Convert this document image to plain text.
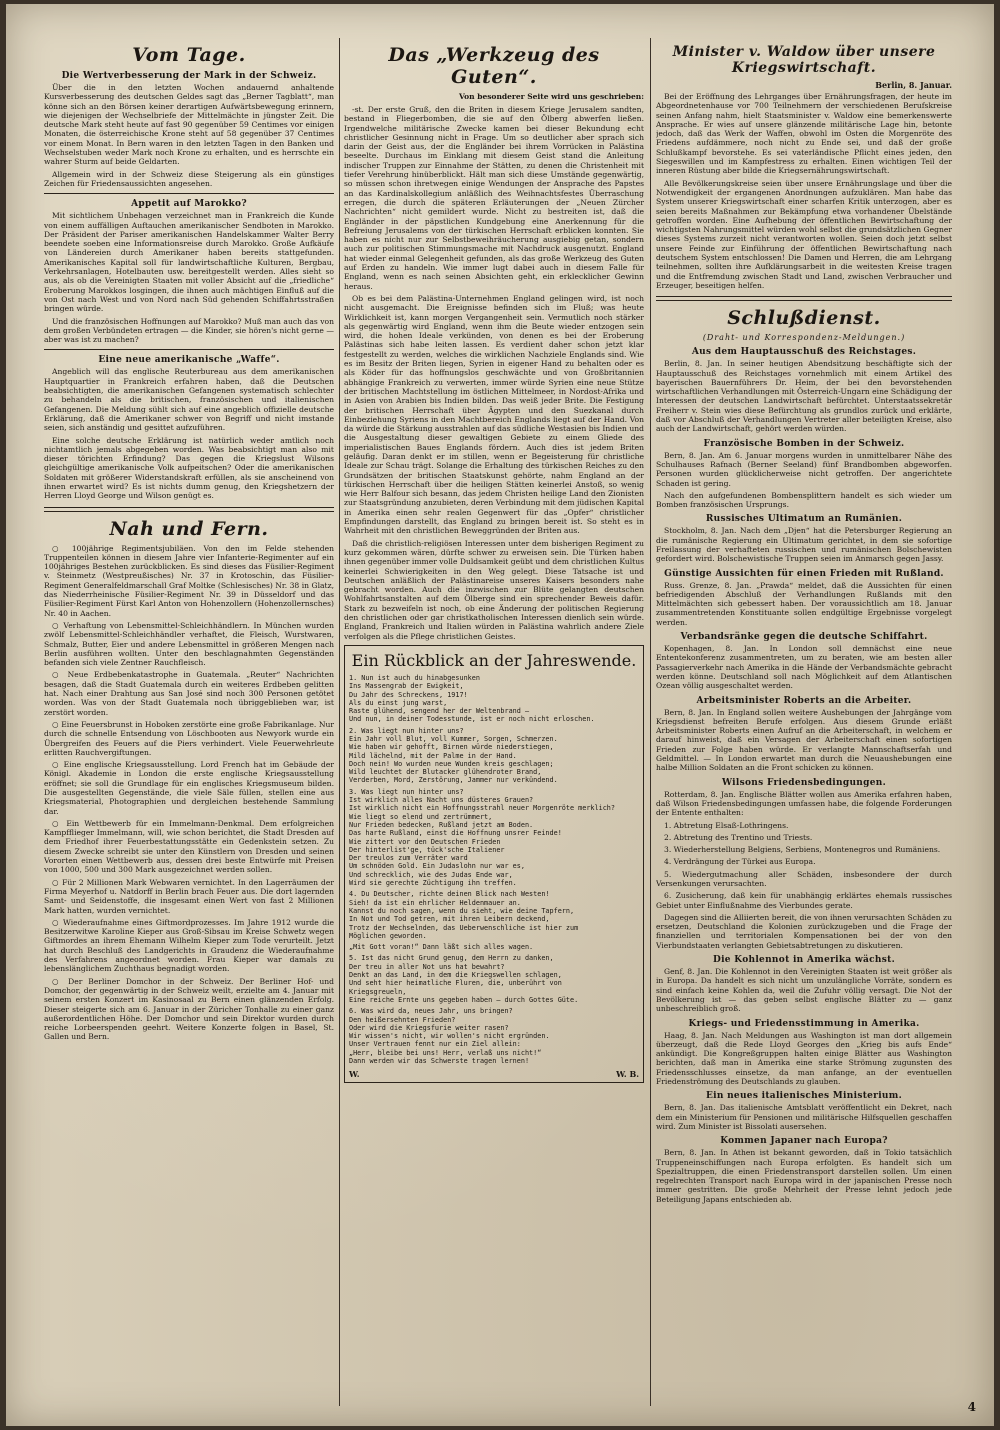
Vom Tage.
Die Wertverbesserung der Mark in der Schweiz.

Über die in den letzten Wochen andauernd anhaltende Kursverbesserung des deutschen Geldes sagt das „Berner Tagblatt“, man könne sich an den Börsen keiner derartigen Aufwärtsbewegung erinnern, wie diejenigen der Wechselbriefe der Mittelmächte in jüngster Zeit. Die deutsche Mark steht heute auf fast 90 gegenüber 59 Centimes vor einigen Monaten, die österreichische Krone steht auf 58 gegenüber 37 Centimes vor einem Monat. In Bern waren in den letzten Tagen in den Banken und Wechselstuben weder Mark noch Krone zu erhalten, und es herrschte ein wahrer Sturm auf beide Geldarten.

Allgemein wird in der Schweiz diese Steigerung als ein günstiges Zeichen für Friedensaussichten angesehen.

Appetit auf Marokko?

Mit sichtlichem Unbehagen verzeichnet man in Frankreich die Kunde von einem auffälligen Auftauchen amerikanischer Sendboten in Marokko. Der Präsident der Pariser amerikanischen Handelskammer Walter Berry beendete soeben eine Informationsreise durch Marokko. Große Aufkäufe von Ländereien durch Amerikaner haben bereits stattgefunden. Amerikanisches Kapital soll für landwirtschaftliche Kulturen, Bergbau, Verkehrsanlagen, Hotelbauten usw. bereitgestellt werden. Alles sieht so aus, als ob die Vereinigten Staaten mit voller Absicht auf die „friedliche“ Eroberung Marokkos losgingen, die ihnen auch mächtigen Einfluß auf die von Ost nach West und von Nord nach Süd gehenden Schiffahrtsstraßen bringen würde.

Und die französischen Hoffnungen auf Marokko? Muß man auch das von dem großen Verbündeten ertragen — die Kinder, sie hören's nicht gerne — aber was ist zu machen?

Eine neue amerikanische „Waffe“.

Angeblich will das englische Reuterbureau aus dem amerikanischen Hauptquartier in Frankreich erfahren haben, daß die Deutschen beabsichtigten, die amerikanischen Gefangenen systematisch schlechter zu behandeln als die britischen, französischen und italienischen Gefangenen. Die Meldung sühlt sich auf eine angeblich offizielle deutsche Erklärung, daß die Amerikaner schwer von Begriff und nicht imstande seien, sich anständig und gesittet aufzuführen.

Eine solche deutsche Erklärung ist natürlich weder amtlich noch nichtamtlich jemals abgegeben worden. Was beabsichtigt man also mit dieser törichten Erfindung? Das gegen die Kriegslust Wilsons gleichgültige amerikanische Volk aufpeitschen? Oder die amerikanischen Soldaten mit größerer Widerstandskraft erfüllen, als sie anscheinend von ihnen erwartet wird? Es ist nichts dumm genug, den Kriegshetzern der Herren Lloyd George und Wilson genügt es.

Nah und Fern.

○ 100jährige Regimentsjubiläen. Von den im Felde stehenden Truppenteilen können in diesem Jahre vier Infanterie-Regimenter auf ein 100jähriges Bestehen zurückblicken. Es sind dieses das Füsilier-Regiment v. Steinmetz (Westpreußisches) Nr. 37 in Krotoschin, das Füsilier-Regiment Generalfeldmarschall Graf Moltke (Schlesisches) Nr. 38 in Glatz, das Niederrheinische Füsilier-Regiment Nr. 39 in Düsseldorf und das Füsilier-Regiment Fürst Karl Anton von Hohenzollern (Hohenzollernsches) Nr. 40 in Aachen.

○ Verhaftung von Lebensmittel-Schleichhändlern. In München wurden zwölf Lebensmittel-Schleichhändler verhaftet, die Fleisch, Wurstwaren, Schmalz, Butter, Eier und andere Lebensmittel in größeren Mengen nach Berlin ausführen wollten. Unter den beschlagnahmten Gegenständen befanden sich viele Zentner Rauchfleisch.

○ Neue Erdbebenkatastrophe in Guatemala. „Reuter“ Nachrichten besagen, daß die Stadt Guatemala durch ein weiteres Erdbeben gelitten hat. Nach einer Drahtung aus San José sind noch 300 Personen getötet worden. Was von der Stadt Guatemala noch übriggeblieben war, ist zerstört worden.

○ Eine Feuersbrunst in Hoboken zerstörte eine große Fabrikanlage. Nur durch die schnelle Entsendung von Löschbooten aus Newyork wurde ein Übergreifen des Feuers auf die Piers verhindert. Viele Feuerwehrleute erlitten Rauchvergiftungen.

○ Eine englische Kriegsausstellung. Lord French hat im Gebäude der Königl. Akademie in London die erste englische Kriegsausstellung eröffnet; sie soll die Grundlage für ein englisches Kriegsmuseum bilden. Die ausgestellten Gegenstände, die viele Säle füllen, stellen eine aus Kriegsmaterial, Photographien und dergleichen bestehende Sammlung dar.

○ Ein Wettbewerb für ein Immelmann-Denkmal. Dem erfolgreichen Kampfflieger Immelmann, will, wie schon berichtet, die Stadt Dresden auf dem Friedhof ihrer Feuerbestattungsstätte ein Gedenkstein setzen. Zu diesem Zwecke schreibt sie unter den Künstlern von Dresden und seinen Vororten einen Wettbewerb aus, dessen drei beste Entwürfe mit Preisen von 1000, 500 und 300 Mark ausgezeichnet werden sollen.

○ Für 2 Millionen Mark Webwaren vernichtet. In den Lagerräumen der Firma Meyerhof u. Natdorff in Berlin brach Feuer aus. Die dort lagernden Samt- und Seidenstoffe, die insgesamt einen Wert von fast 2 Millionen Mark hatten, wurden vernichtet.

○ Wiederaufnahme eines Giftmordprozesses. Im Jahre 1912 wurde die Besitzerwitwe Karoline Kieper aus Groß-Sibsau im Kreise Schwetz wegen Giftmordes an ihrem Ehemann Wilhelm Kieper zum Tode verurteilt. Jetzt hat durch Beschluß des Landgerichts in Graudenz die Wiederaufnahme des Verfahrens angeordnet worden. Frau Kieper war damals zu lebenslänglichem Zuchthaus begnadigt worden.

○ Der Berliner Domchor in der Schweiz. Der Berliner Hof- und Domchor, der gegenwärtig in der Schweiz weilt, erzielte am 4. Januar mit seinem ersten Konzert im Kasinosaal zu Bern einen glänzenden Erfolg. Dieser steigerte sich am 6. Januar in der Züricher Tonhalle zu einer ganz außerordentlichen Höhe. Der Domchor und sein Direktor wurden durch reiche Lorbeerspenden geehrt. Weitere Konzerte folgen in Basel, St. Gallen und Bern.

Das „Werkzeug des Guten“.
Von besonderer Seite wird uns geschrieben:

-st. Der erste Gruß, den die Briten in diesem Kriege Jerusalem sandten, bestand in Fliegerbomben, die sie auf den Ölberg abwerfen ließen. Irgendwelche militärische Zwecke kamen bei dieser Bekundung echt christlicher Gesinnung nicht in Frage. Um so deutlicher aber sprach sich darin der Geist aus, der die Engländer bei ihrem Vorrücken in Palästina beseelte. Durchaus im Einklang mit diesem Geist stand die Anleitung indischer Truppen zur Einnahme der Stätten, zu denen die Christenheit mit tiefer Verehrung hinüberblickt. Hält man sich diese Umstände gegenwärtig, so müssen schon ihretwegen einige Wendungen der Ansprache des Papstes an das Kardinalskollegium anläßlich des Weihnachtsfestes Überraschung erregen, die durch die späteren Erläuterungen der „Neuen Zürcher Nachrichten“ nicht gemildert wurde. Nicht zu bestreiten ist, daß die Engländer in der päpstlichen Kundgebung eine Anerkennung für die Befreiung Jerusalems von der türkischen Herrschaft erblicken konnten. Sie haben es nicht nur zur Selbstbeweihräucherung ausgiebig getan, sondern auch zur politischen Stimmungsmache mit Nachdruck ausgenutzt. England hat wieder einmal Gelegenheit gefunden, als das große Werkzeug des Guten auf Erden zu handeln. Wie immer lugt dabei auch in diesem Falle für England, wenn es nach seinen Absichten geht, ein erklecklicher Gewinn heraus.

Ob es bei dem Palästina-Unternehmen England gelingen wird, ist noch nicht ausgemacht. Die Ereignisse befinden sich im Fluß; was heute Wirklichkeit ist, kann morgen Vergangenheit sein. Vermutlich noch stärker als gegenwärtig wird England, wenn ihm die Beute wieder entzogen sein wird, die hohen Ideale verkünden, von denen es bei der Eroberung Palästinas sich habe leiten lassen. Es verdient daher schon jetzt klar festgestellt zu werden, welches die wirklichen Nachziele Englands sind. Wie es im Besitz der Briten liegen, Syrien in eigener Hand zu behalten oder es als Köder für das hoffnungslos geschwächte und von Großbritannien abhängige Frankreich zu verwerten, immer würde Syrien eine neue Stütze der britischen Machtstellung im östlichen Mittelmeer, in Nordost-Afrika und in Asien von Arabien bis Indien bilden. Das weiß jeder Brite. Die Festigung der britischen Herrschaft über Ägypten und den Suezkanal durch Einbeziehung Syriens in den Machtbereich Englands liegt auf der Hand. Von da würde die Stärkung ausstrahlen auf das südliche Westasien bis Indien und die Ausgestaltung dieser gewaltigen Gebiete zu einem Gliede des imperialistischen Baues Englands fördern. Auch dies ist jedem Briten geläufig. Daran denkt er im stillen, wenn er Begeisterung für christliche Ideale zur Schau trägt. Solange die Erhaltung des türkischen Reiches zu den Grundsätzen der britischen Staatskunst gehörte, nahm England an der türkischen Herrschaft über die heiligen Stätten keinerlei Anstoß, so wenig wie Herr Balfour sich besann, das jedem Christen heilige Land den Zionisten zur Staatsgründung anzubieten, deren Verbindung mit dem jüdischen Kapital in Amerika einen sehr realen Gegenwert für das „Opfer“ christlicher Empfindungen darstellt, das England zu bringen bereit ist. So steht es in Wahrheit mit den christlichen Beweggründen der Briten aus.

Daß die christlich-religiösen Interessen unter dem bisherigen Regiment zu kurz gekommen wären, dürfte schwer zu erweisen sein. Die Türken haben ihnen gegenüber immer volle Duldsamkeit geübt und dem christlichen Kultus keinerlei Schwierigkeiten in den Weg gelegt. Diese Tatsache ist und Deutschen anläßlich der Palästinareise unseres Kaisers besonders nahe gebracht worden. Auch die inzwischen zur Blüte gelangten deutschen Wohlfahrtsanstalten auf dem Ölberge sind ein sprechender Beweis dafür. Stark zu bezweifeln ist noch, ob eine Änderung der politischen Regierung den christlichen oder gar christkatholischen Interessen dienlich sein würde. England, Frankreich und Italien würden in Palästina wahrlich andere Ziele verfolgen als die Pflege christlichen Geistes.

Ein Rückblick an der Jahreswende.

1. Nun ist auch du hinabgesunken
Ins Massengrab der Ewigkeit,
Du Jahr des Schreckens, 1917!
Als du einst jung warst,
Raste glühend, sengend her der Weltenbrand —
Und nun, in deiner Todesstunde, ist er noch nicht erloschen.

2. Was liegt nun hinter uns?
Ein Jahr voll Blut, voll Kummer, Sorgen, Schmerzen.
Wie haben wir gehofft, Birnen würde niederstiegen,
Mild lächelnd, mit der Palme in der Hand.
Doch nein! Wo wurden neue Wunden kreis geschlagen;
Wild leuchtet der Blutacker glühendroter Brand,
Verderben, Mord, Zerstörung, Jammer nur verkündend.

3. Was liegt nun hinter uns?
Ist wirklich alles Nacht uns düsteres Grauen?
Ist wirklich nicht ein Hoffnungsstrahl neuer Morgenröte merklich?
Wie liegt so elend und zertrümmert,
Nur Frieden bedecken, Rußland jetzt am Boden.
Das harte Rußland, einst die Hoffnung unsrer Feinde!
Wie zittert vor den Deutschen Frieden
Der hinterlist'ge, tück'sche Italiener
Der treulos zum Verräter ward
Um schnöden Gold. Ein Judaslohn nur war es,
Und schrecklich, wie des Judas Ende war,
Wird sie gerechte Züchtigung ihn treffen.

4. Du Deutscher, richte deinen Blick nach Westen!
Sieh! da ist ein ehrlicher Heldenmauer an.
Kannst du noch sagen, wenn du sieht, wie deine Tapfern,
In Not und Tod getren, mit ihren Leibern deckend,
Trotz der Wechselnden, das Ueberwenschliche ist hier zum
Möglichen geworden.

„Mit Gott voran!“ Dann läßt sich alles wagen.

5. Ist das nicht Grund genug, dem Herrn zu danken,
Der treu in aller Not uns hat bewahrt?
Denkt an das Land, in dem die Kriegswellen schlagen,
Und seht hier heimatliche Fluren, die, unberührt von
Kriegsgreueln,
Eine reiche Ernte uns gegeben haben — durch Gottes Güte.

6. Was wird da, neues Jahr, uns bringen?
Den heißersehnten Frieden?
Oder wird die Kriegsfurie weiter rasen?
Wir wissen's nicht, wir wollen's nicht ergründen.
Unser Vertrauen fennt nur ein Ziel allein:
„Herr, bleibe bei uns! Herr, verlaß uns nicht!“
Dann werden wir das Schwerste tragen lernen!

W.	W. B.
Minister v. Waldow über unsere Kriegswirtschaft.
Berlin, 8. Januar.

Bei der Eröffnung des Lehrganges über Ernährungsfragen, der heute im Abgeordnetenhause vor 700 Teilnehmern der verschiedenen Berufskreise seinen Anfang nahm, hielt Staatsminister v. Waldow eine bemerkenswerte Ansprache. Er wies auf unsere glänzende militärische Lage hin, betonte jedoch, daß das Werk der Waffen, obwohl im Osten die Morgenröte des Friedens aufdämmere, noch nicht zu Ende sei, und daß der große Schlußkampf bevorstehe. Es sei vaterländische Pflicht eines jeden, den Siegeswillen und im Kampfestress zu erhalten. Einen wichtigen Teil der inneren Rüstung aber bilde die Kriegsernährungswirtschaft.

Alle Bevölkerungskreise seien über unsere Ernährungslage und über die Notwendigkeit der ergangenen Anordnungen aufzuklären. Man habe das System unserer Kriegswirtschaft einer scharfen Kritik unterzogen, aber es seien bereits Maßnahmen zur Bekämpfung etwa vorhandener Übelstände getroffen worden. Eine Aufhebung der öffentlichen Bewirtschaftung der wichtigsten Nahrungsmittel würden wohl selbst die grundsätzlichen Gegner dieses Systems zurzeit nicht verantworten wollen. Seien doch jetzt selbst unsere Feinde zur Einführung der öffentlichen Bewirtschaftung nach deutschem System entschlossen! Die Damen und Herren, die am Lehrgang teilnehmen, sollten ihre Aufklärungsarbeit in die weitesten Kreise tragen und die Entfremdung zwischen Stadt und Land, zwischen Verbraucher und Erzeuger, beseitigen helfen.

Schlußdienst.
(Draht- und Korrespondenz-Meldungen.)
Aus dem Hauptausschuß des Reichstages.

Berlin, 8. Jan. In seiner heutigen Abendsitzung beschäftigte sich der Hauptausschuß des Reichstages vornehmlich mit einem Artikel des bayerischen Bauernführers Dr. Heim, der bei den bevorstehenden wirtschaftlichen Verhandlungen mit Österreich-Ungarn eine Schädigung der Interessen der deutschen Landwirtschaft befürchtet. Unterstaatssekretär Freiherr v. Stein wies diese Befürchtung als grundlos zurück und erklärte, daß vor Abschluß der Verhandlungen Vertreter aller beteiligten Kreise, also auch der Landwirtschaft, gehört werden würden.

Französische Bomben in der Schweiz.

Bern, 8. Jan. Am 6. Januar morgens wurden in unmittelbarer Nähe des Schulhauses Rafnach (Berner Seeland) fünf Brandbomben abgeworfen. Personen wurden glücklicherweise nicht getroffen. Der angerichtete Schaden ist gering.

Nach den aufgefundenen Bombensplittern handelt es sich wieder um Bomben französischen Ursprungs.

Russisches Ultimatum an Rumänien.

Stockholm, 8. Jan. Nach dem „Djen“ hat die Petersburger Regierung an die rumänische Regierung ein Ultimatum gerichtet, in dem sie sofortige Freilassung der verhafteten russischen und rumänischen Bolschewisten gefordert wird. Bolschewistische Truppen seien im Anmarsch gegen Jassy.

Günstige Aussichten für einen Frieden mit Rußland.

Russ. Grenze, 8. Jan. „Prawda“ meldet, daß die Aussichten für einen befriedigenden Abschluß der Verhandlungen Rußlands mit den Mittelmächten sich gebessert haben. Der voraussichtlich am 18. Januar zusammentretenden Konstituante sollen endgültige Ergebnisse vorgelegt werden.

Verbandsränke gegen die deutsche Schiffahrt.

Kopenhagen, 8. Jan. In London soll demnächst eine neue Ententekonferenz zusammentreten, um zu beraten, wie am besten aller Passagierverkehr nach Amerika in die Hände der Verbandsmächte gebracht werden könne. Deutschland soll nach Möglichkeit auf dem Atlantischen Ozean völlig ausgeschaltet werden.

Arbeitsminister Roberts an die Arbeiter.

Bern, 8. Jan. In England sollen weitere Aushebungen der Jahrgänge vom Kriegsdienst befreiten Berufe erfolgen. Aus diesem Grunde erläßt Arbeitsminister Roberts einen Aufruf an die Arbeiterschaft, in welchem er darauf hinweist, daß ein Versagen der Arbeiterschaft einen sofortigen Frieden zur Folge haben würde. Er verlangte Mannschaftserfah und Geldmittel. — In London erwartet man durch die Neuaushebungen eine halbe Million Soldaten an die Front schicken zu können.

Wilsons Friedensbedingungen.

Rotterdam, 8. Jan. Englische Blätter wollen aus Amerika erfahren haben, daß Wilson Friedensbedingungen umfassen habe, die folgende Forderungen der Entente enthalten:

1. Abtretung Elsaß-Lothringens.

2. Abtretung des Trentino und Triests.

3. Wiederherstellung Belgiens, Serbiens, Montenegros und Rumäniens.

4. Verdrängung der Türkei aus Europa.

5. Wiedergutmachung aller Schäden, insbesondere der durch Versenkungen verursachten.

6. Zusicherung, daß kein für unabhängig erklärtes ehemals russisches Gebiet unter Einflußnahme des Vierbundes gerate.

Dagegen sind die Alliierten bereit, die von ihnen verursachten Schäden zu ersetzen, Deutschland die Kolonien zurückzugeben und die Frage der finanziellen und territorialen Kompensationen bei der von den Vierbundstaaten verlangten Gebietsabtretungen zu diskutieren.

Die Kohlennot in Amerika wächst.

Genf, 8. Jan. Die Kohlennot in den Vereinigten Staaten ist weit größer als in Europa. Da handelt es sich nicht um unzulängliche Vorräte, sondern es sind einfach keine Kohlen da, weil die Zufuhr völlig versagt. Die Not der Bevölkerung ist — das geben selbst englische Blätter zu — ganz unbeschreiblich groß.

Kriegs- und Friedensstimmung in Amerika.

Haag, 8. Jan. Nach Meldungen aus Washington ist man dort allgemein überzeugt, daß die Rede Lloyd Georges den „Krieg bis aufs Ende“ ankündigt. Die Kongreßgruppen halten einige Blätter aus Washington berichten, daß man in Amerika eine starke Strömung zugunsten des Friedensschlusses einsetze, da man anfange, an der eventuellen Friedenströmung des Deutschlands zu glauben.

Ein neues italienisches Ministerium.

Bern, 8. Jan. Das italienische Amtsblatt veröffentlicht ein Dekret, nach dem ein Ministerium für Pensionen und militärische Hilfsquellen geschaffen wird. Zum Minister ist Bissolati ausersehen.

Kommen Japaner nach Europa?

Bern, 8. Jan. In Athen ist bekannt geworden, daß in Tokio tatsächlich Truppeneinschiffungen nach Europa erfolgten. Es handelt sich um Spezialtruppen, die einen Friedenstransport darstellen sollen. Um einen regelrechten Transport nach Europa wird in der japanischen Presse noch immer gestritten. Die große Mehrheit der Presse lehnt jedoch jede Beteiligung Japans entschieden ab.

4
